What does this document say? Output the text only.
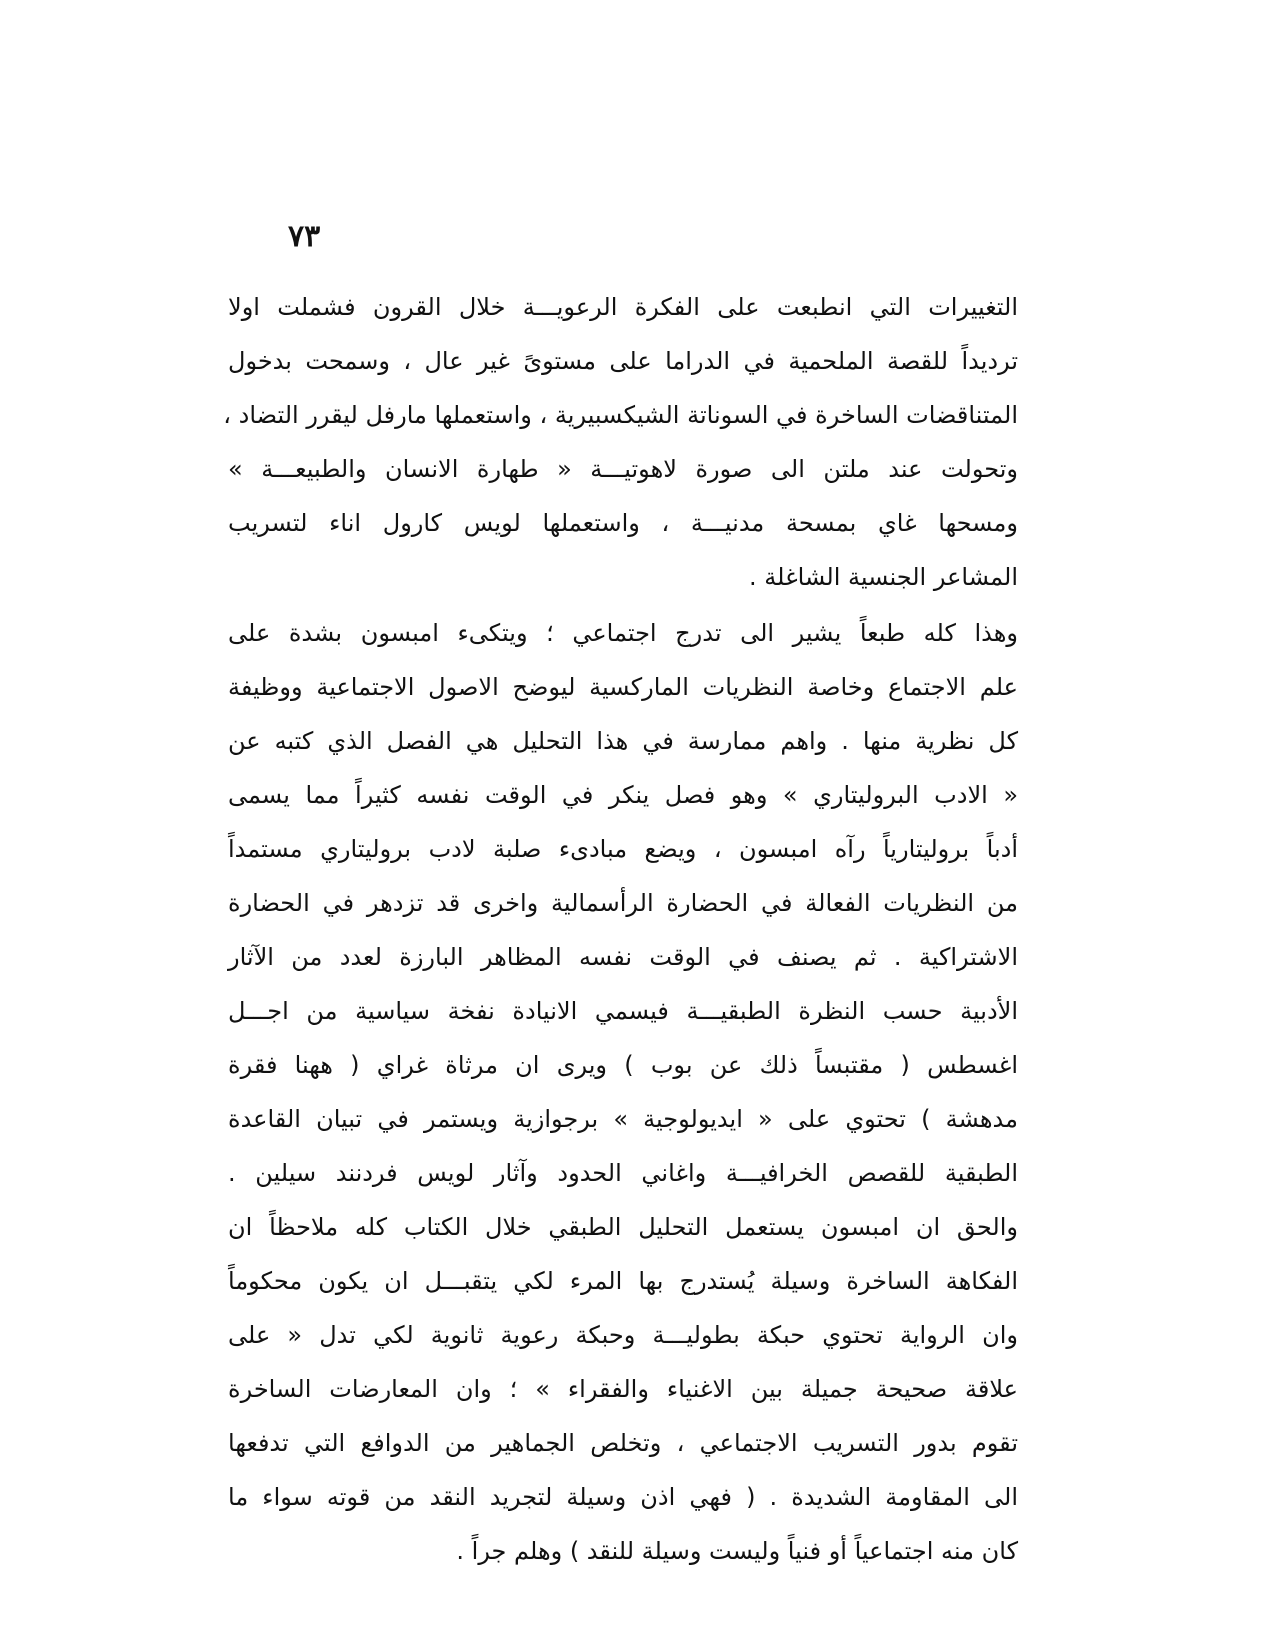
٧٣
التغييرات التي انطبعت على الفكرة الرعويـــة خلال القرون فشملت اولا
ترديداً للقصة الملحمية في الدراما على مستوىً غير عال ، وسمحت بدخول
المتناقضات الساخرة في السوناتة الشيكسبيرية ، واستعملها مارفل ليقرر التضاد ،
وتحولت عند ملتن الى صورة لاهوتيـــة « طهارة الانسان والطبيعـــة »
ومسحها غاي بمسحة مدنيـــة ، واستعملها لويس كارول اناء لتسريب
المشاعر الجنسية الشاغلة .
وهذا كله طبعاً يشير الى تدرج اجتماعي ؛ ويتكىء امبسون بشدة على
علم الاجتماع وخاصة النظريات الماركسية ليوضح الاصول الاجتماعية ووظيفة
كل نظرية منها . واهم ممارسة في هذا التحليل هي الفصل الذي كتبه عن
« الادب البروليتاري » وهو فصل ينكر في الوقت نفسه كثيراً مما يسمى
أدباً بروليتارياً رآه امبسون ، ويضع مبادىء صلبة لادب بروليتاري مستمداً
من النظريات الفعالة في الحضارة الرأسمالية واخرى قد تزدهر في الحضارة
الاشتراكية . ثم يصنف في الوقت نفسه المظاهر البارزة لعدد من الآثار
الأدبية حسب النظرة الطبقيـــة فيسمي الانيادة نفخة سياسية من اجـــل
اغسطس ( مقتبساً ذلك عن بوب ) ويرى ان مرثاة غراي ( ههنا فقرة
مدهشة ) تحتوي على « ايديولوجية » برجوازية ويستمر في تبيان القاعدة
الطبقية للقصص الخرافيـــة واغاني الحدود وآثار لويس فردنند سيلين .
والحق ان امبسون يستعمل التحليل الطبقي خلال الكتاب كله ملاحظاً ان
الفكاهة الساخرة وسيلة يُستدرج بها المرء لكي يتقبـــل ان يكون محكوماً
وان الرواية تحتوي حبكة بطوليـــة وحبكة رعوية ثانوية لكي تدل « على
علاقة صحيحة جميلة بين الاغنياء والفقراء » ؛ وان المعارضات الساخرة
تقوم بدور التسريب الاجتماعي ، وتخلص الجماهير من الدوافع التي تدفعها
الى المقاومة الشديدة . ( فهي اذن وسيلة لتجريد النقد من قوته سواء ما
كان منه اجتماعياً أو فنياً وليست وسيلة للنقد ) وهلم جراً .
